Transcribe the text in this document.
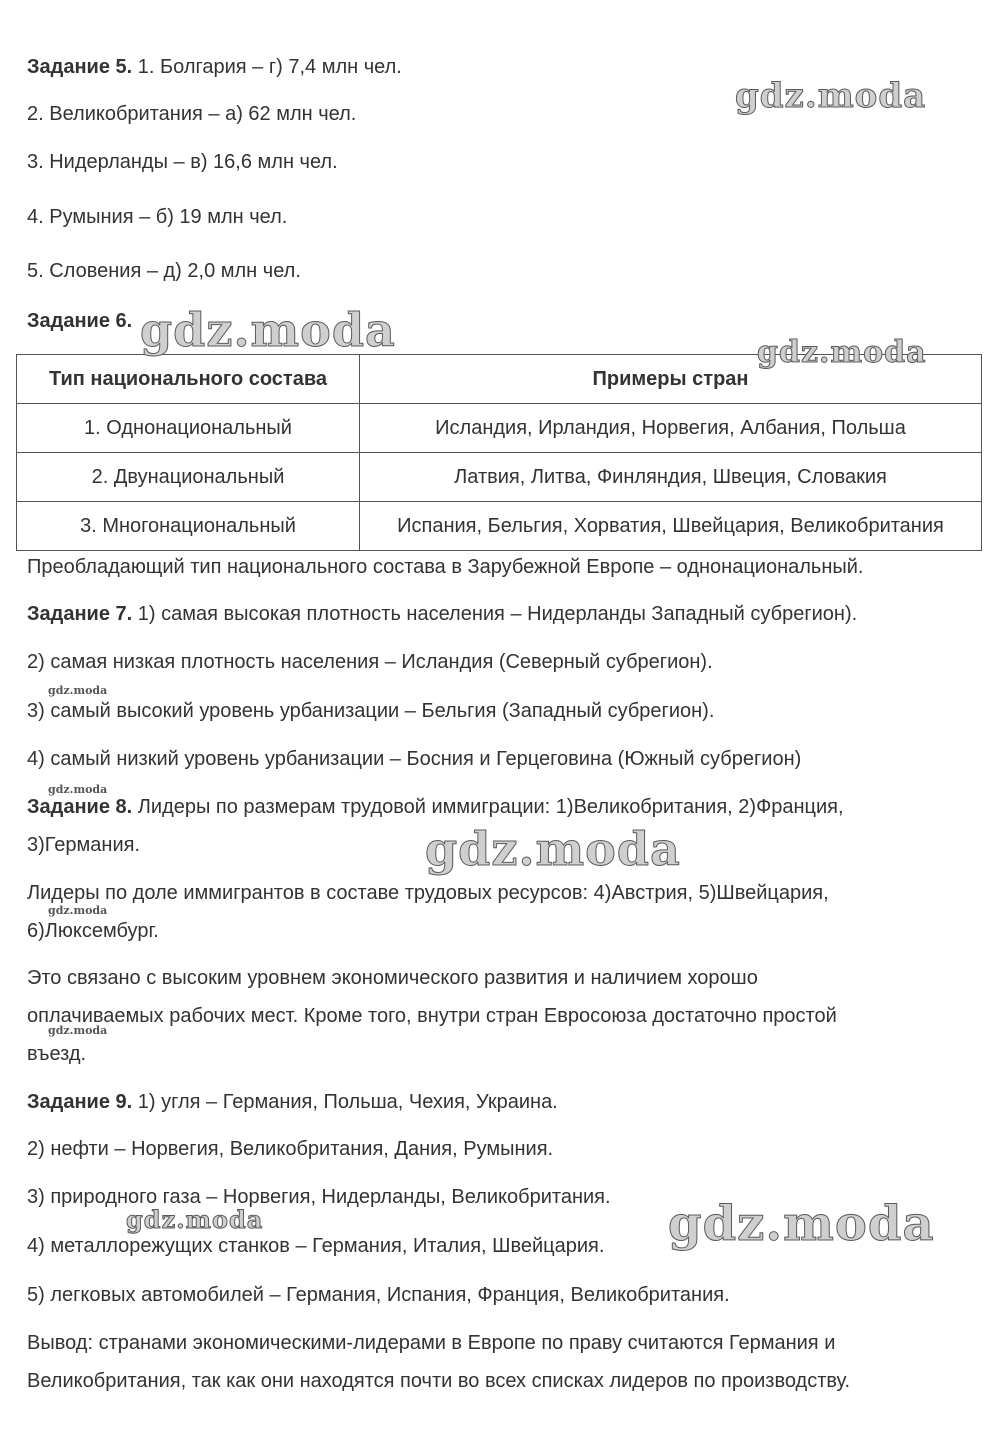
Задание 5. 1. Болгария – г) 7,4 млн чел.
2. Великобритания – а) 62 млн чел.
3. Нидерланды – в) 16,6 млн чел.
4. Румыния – б) 19 млн чел.
5. Словения – д) 2,0 млн чел.
Задание 6.
Тип национального состава	Примеры стран
1. Однонациональный	Исландия, Ирландия, Норвегия, Албания, Польша
2. Двунациональный	Латвия, Литва, Финляндия, Швеция, Словакия
3. Многонациональный	Испания, Бельгия, Хорватия, Швейцария, Великобритания
Преобладающий тип национального состава в Зарубежной Европе – однонациональный.
Задание 7. 1) самая высокая плотность населения – Нидерланды Западный субрегион).
2) самая низкая плотность населения – Исландия (Северный субрегион).
3) самый высокий уровень урбанизации – Бельгия (Западный субрегион).
4) самый низкий уровень урбанизации – Босния и Герцеговина (Южный субрегион)
Задание 8. Лидеры по размерам трудовой иммиграции: 1)Великобритания, 2)Франция,
3)Германия.
Лидеры по доле иммигрантов в составе трудовых ресурсов: 4)Австрия, 5)Швейцария,
6)Люксембург.
Это связано с высоким уровнем экономического развития и наличием хорошо
оплачиваемых рабочих мест. Кроме того, внутри стран Евросоюза достаточно простой
въезд.
Задание 9. 1) угля – Германия, Польша, Чехия, Украина.
2) нефти – Норвегия, Великобритания, Дания, Румыния.
3) природного газа – Норвегия, Нидерланды, Великобритания.
4) металлорежущих станков – Германия, Италия, Швейцария.
5) легковых автомобилей – Германия, Испания, Франция, Великобритания.
Вывод: странами экономическими-лидерами в Европе по праву считаются Германия и
Великобритания, так как они находятся почти во всех списках лидеров по производству.
gdz.moda
gdz.moda	gdz.moda
gdz.moda
gdz.moda
gdz.moda
gdz.moda
gdz.moda
gdz.moda	gdz.moda
